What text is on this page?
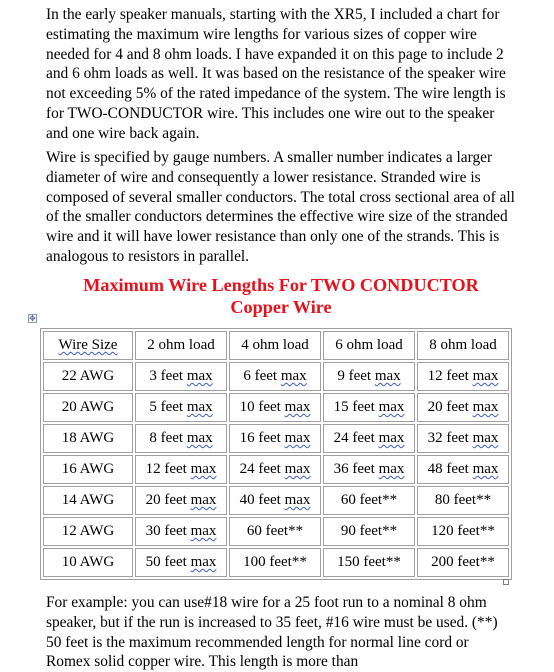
In the early speaker manuals, starting with the XR5, I included a chart for estimating the maximum wire lengths for various sizes of copper wire needed for 4 and 8 ohm loads. I have expanded it on this page to include 2 and 6 ohm loads as well. It was based on the resistance of the speaker wire not exceeding 5% of the rated impedance of the system. The wire length is for TWO-CONDUCTOR wire. This includes one wire out to the speaker and one wire back again.

Wire is specified by gauge numbers. A smaller number indicates a larger diameter of wire and consequently a lower resistance. Stranded wire is composed of several smaller conductors. The total cross sectional area of all of the smaller conductors determines the effective wire size of the stranded wire and it will have lower resistance than only one of the strands. This is analogous to resistors in parallel.

Maximum Wire Lengths For TWO CONDUCTOR
Copper Wire
✥
Wire Size	2 ohm load	4 ohm load	6 ohm load	8 ohm load
22 AWG	3 feet max	6 feet max	9 feet max	12 feet max
20 AWG	5 feet max	10 feet max	15 feet max	20 feet max
18 AWG	8 feet max	16 feet max	24 feet max	32 feet max
16 AWG	12 feet max	24 feet max	36 feet max	48 feet max
14 AWG	20 feet max	40 feet max	60 feet**	80 feet**
12 AWG	30 feet max	60 feet**	90 feet**	120 feet**
10 AWG	50 feet max	100 feet**	150 feet**	200 feet**

For example: you can use#18 wire for a 25 foot run to a nominal 8 ohm speaker, but if the run is increased to 35 feet, #16 wire must be used. (**) 50 feet is the maximum recommended length for normal line cord or Romex solid copper wire. This length is more than
